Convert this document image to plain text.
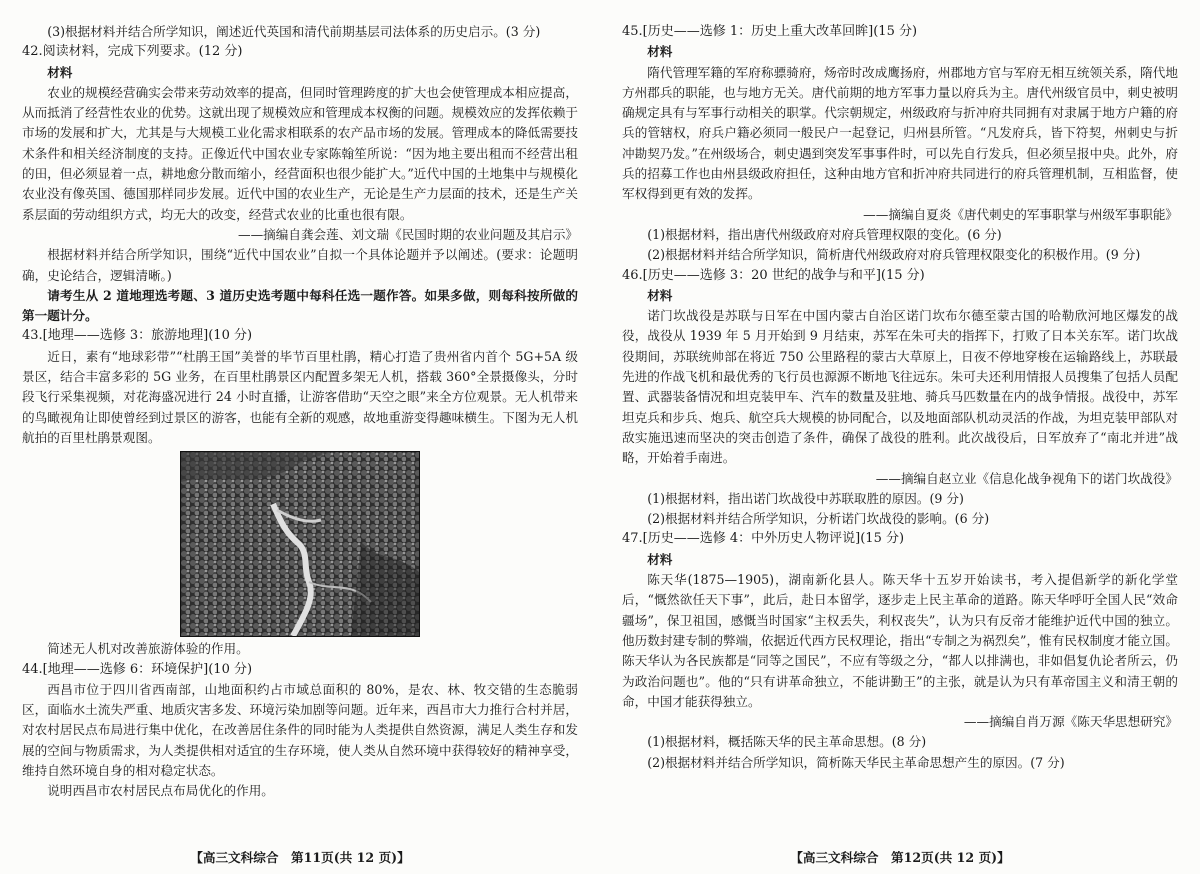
(3)根据材料并结合所学知识，阐述近代英国和清代前期基层司法体系的历史启示。(3 分)

42.阅读材料，完成下列要求。(12 分)

材料

农业的规模经营确实会带来劳动效率的提高，但同时管理跨度的扩大也会使管理成本相应提高，从而抵消了经营性农业的优势。这就出现了规模效应和管理成本权衡的问题。规模效应的发挥依赖于市场的发展和扩大，尤其是与大规模工业化需求相联系的农产品市场的发展。管理成本的降低需要技术条件和相关经济制度的支持。正像近代中国农业专家陈翰笙所说：“因为地主要出租而不经营出租的田，但必须显着一点，耕地愈分散而缩小，经营面积也很少能扩大。”近代中国的土地集中与规模化农业没有像英国、德国那样同步发展。近代中国的农业生产，无论是生产力层面的技术，还是生产关系层面的劳动组织方式，均无大的改变，经营式农业的比重也很有限。

——摘编自龚会莲、刘文瑞《民国时期的农业问题及其启示》

根据材料并结合所学知识，围绕“近代中国农业”自拟一个具体论题并予以阐述。(要求：论题明确，史论结合，逻辑清晰。)

请考生从 2 道地理选考题、3 道历史选考题中每科任选一题作答。如果多做，则每科按所做的第一题计分。

43.[地理——选修 3：旅游地理](10 分)

近日，素有“地球彩带”“杜鹃王国”美誉的毕节百里杜鹃，精心打造了贵州省内首个 5G+5A 级景区，结合丰富多彩的 5G 业务，在百里杜鹃景区内配置多架无人机，搭载 360°全景摄像头，分时段飞行采集视频，对花海盛况进行 24 小时直播，让游客借助“天空之眼”来全方位观景。无人机带来的鸟瞰视角让即使曾经到过景区的游客，也能有全新的观感，故地重游变得趣味横生。下图为无人机航拍的百里杜鹃景观图。

简述无人机对改善旅游体验的作用。

44.[地理——选修 6：环境保护](10 分)

西昌市位于四川省西南部，山地面积约占市域总面积的 80%，是农、林、牧交错的生态脆弱区，面临水土流失严重、地质灾害多发、环境污染加剧等问题。近年来，西昌市大力推行合村并居，对农村居民点布局进行集中优化，在改善居住条件的同时能为人类提供自然资源，满足人类生存和发展的空间与物质需求，为人类提供相对适宜的生存环境，使人类从自然环境中获得较好的精神享受，维持自然环境自身的相对稳定状态。

说明西昌市农村居民点布局优化的作用。

【高三文科综合　第11页(共 12 页)】

45.[历史——选修 1：历史上重大改革回眸](15 分)

材料

隋代管理军籍的军府称骠骑府，炀帝时改成鹰扬府，州郡地方官与军府无相互统领关系，隋代地方州郡兵的职能，也与地方无关。唐代前期的地方军事力量以府兵为主。唐代州级官员中，刺史被明确规定具有与军事行动相关的职掌。代宗朝规定，州级政府与折冲府共同拥有对隶属于地方户籍的府兵的管辖权，府兵户籍必须同一般民户一起登记，归州县所管。“凡发府兵，皆下符契，州刺史与折冲勘契乃发。”在州级场合，刺史遇到突发军事事件时，可以先自行发兵，但必须呈报中央。此外，府兵的招募工作也由州县级政府担任，这种由地方官和折冲府共同进行的府兵管理机制，互相监督，使军权得到更有效的发挥。

——摘编自夏炎《唐代刺史的军事职掌与州级军事职能》

(1)根据材料，指出唐代州级政府对府兵管理权限的变化。(6 分)

(2)根据材料并结合所学知识，简析唐代州级政府对府兵管理权限变化的积极作用。(9 分)

46.[历史——选修 3：20 世纪的战争与和平](15 分)

材料

诺门坎战役是苏联与日军在中国内蒙古自治区诺门坎布尔德至蒙古国的哈勒欣河地区爆发的战役，战役从 1939 年 5 月开始到 9 月结束，苏军在朱可夫的指挥下，打败了日本关东军。诺门坎战役期间，苏联统帅部在将近 750 公里路程的蒙古大草原上，日夜不停地穿梭在运输路线上，苏联最先进的作战飞机和最优秀的飞行员也源源不断地飞往远东。朱可夫还利用情报人员搜集了包括人员配置、武器装备情况和坦克装甲车、汽车的数量及驻地、骑兵马匹数量在内的战争情报。战役中，苏军坦克兵和步兵、炮兵、航空兵大规模的协同配合，以及地面部队机动灵活的作战，为坦克装甲部队对敌实施迅速而坚决的突击创造了条件，确保了战役的胜利。此次战役后，日军放弃了“南北并进”战略，开始着手南进。

——摘编自赵立业《信息化战争视角下的诺门坎战役》

(1)根据材料，指出诺门坎战役中苏联取胜的原因。(9 分)

(2)根据材料并结合所学知识，分析诺门坎战役的影响。(6 分)

47.[历史——选修 4：中外历史人物评说](15 分)

材料

陈天华(1875—1905)，湖南新化县人。陈天华十五岁开始读书，考入提倡新学的新化学堂后，“慨然欲任天下事”，此后，赴日本留学，逐步走上民主革命的道路。陈天华呼吁全国人民“效命疆场”，保卫祖国，感慨当时国家“主权丢失，利权丧失”，认为只有反帝才能维护近代中国的独立。他历数封建专制的弊端，依据近代西方民权理论，指出“专制之为祸烈矣”，惟有民权制度才能立国。陈天华认为各民族都是“同等之国民”，不应有等级之分，“都人以排满也，非如倡复仇论者所云，仍为政治问题也”。他的“只有讲革命独立，不能讲勤王”的主张，就是认为只有革帝国主义和清王朝的命，中国才能获得独立。

——摘编自肖万源《陈天华思想研究》

(1)根据材料，概括陈天华的民主革命思想。(8 分)

(2)根据材料并结合所学知识，简析陈天华民主革命思想产生的原因。(7 分)

【高三文科综合　第12页(共 12 页)】
